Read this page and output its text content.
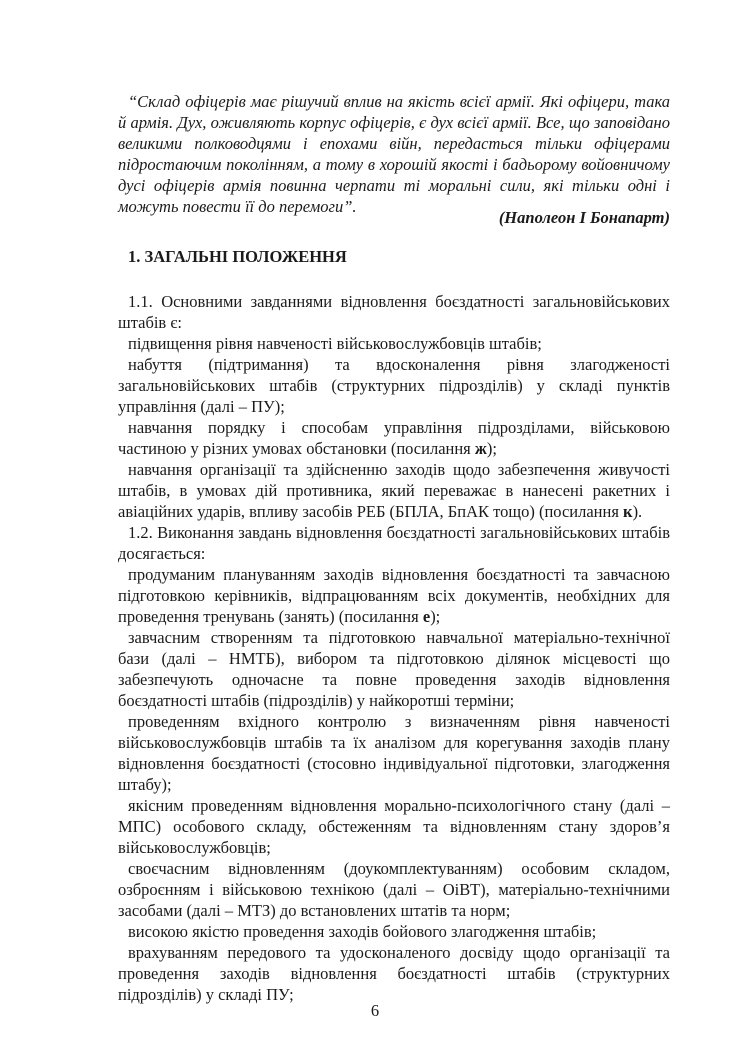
“Склад офіцерів має рішучий вплив на якість всієї армії. Які офіцери, така й армія. Дух, оживляють корпус офіцерів, є дух всієї армії. Все, що заповідано великими полководцями і епохами війн, передасться тільки офіцерами підростаючим поколінням, а тому в хорошій якості і бадьорому войовничому дусі офіцерів армія повинна черпати ті моральні сили, які тільки одні і можуть повести її до перемоги”.
(Наполеон І Бонапарт)
1. ЗАГАЛЬНІ ПОЛОЖЕННЯ

1.1. Основними завданнями відновлення боєздатності загальновійськових штабів є:

підвищення рівня навченості військовослужбовців штабів;

набуття (підтримання) та вдосконалення рівня злагодженості загальновійськових штабів (структурних підрозділів) у складі пунктів управління (далі – ПУ);

навчання порядку і способам управління підрозділами, військовою частиною у різних умовах обстановки (посилання ж);

навчання організації та здійсненню заходів щодо забезпечення живучості штабів, в умовах дій противника, який переважає в нанесені ракетних і авіаційних ударів, впливу засобів РЕБ (БПЛА, БпАК тощо) (посилання к).

1.2. Виконання завдань відновлення боєздатності загальновійськових штабів досягається:

продуманим плануванням заходів відновлення боєздатності та завчасною підготовкою керівників, відпрацюванням всіх документів, необхідних для проведення тренувань (занять) (посилання е);

завчасним створенням та підготовкою навчальної матеріально-технічної бази (далі – НМТБ), вибором та підготовкою ділянок місцевості що забезпечують одночасне та повне проведення заходів відновлення боєздатності штабів (підрозділів) у найкоротші терміни;

проведенням вхідного контролю з визначенням рівня навченості військовослужбовців штабів та їх аналізом для корегування заходів плану відновлення боєздатності (стосовно індивідуальної підготовки, злагодження штабу);

якісним проведенням відновлення морально-психологічного стану (далі – МПС) особового складу, обстеженням та відновленням стану здоров’я військовослужбовців;

своєчасним відновленням (доукомплектуванням) особовим складом, озброєнням і військовою технікою (далі – ОіВТ), матеріально-технічними засобами (далі – МТЗ) до встановлених штатів та норм;

високою якістю проведення заходів бойового злагодження штабів;

врахуванням передового та удосконаленого досвіду щодо організації та проведення заходів відновлення боєздатності штабів (структурних підрозділів) у складі ПУ;

6
